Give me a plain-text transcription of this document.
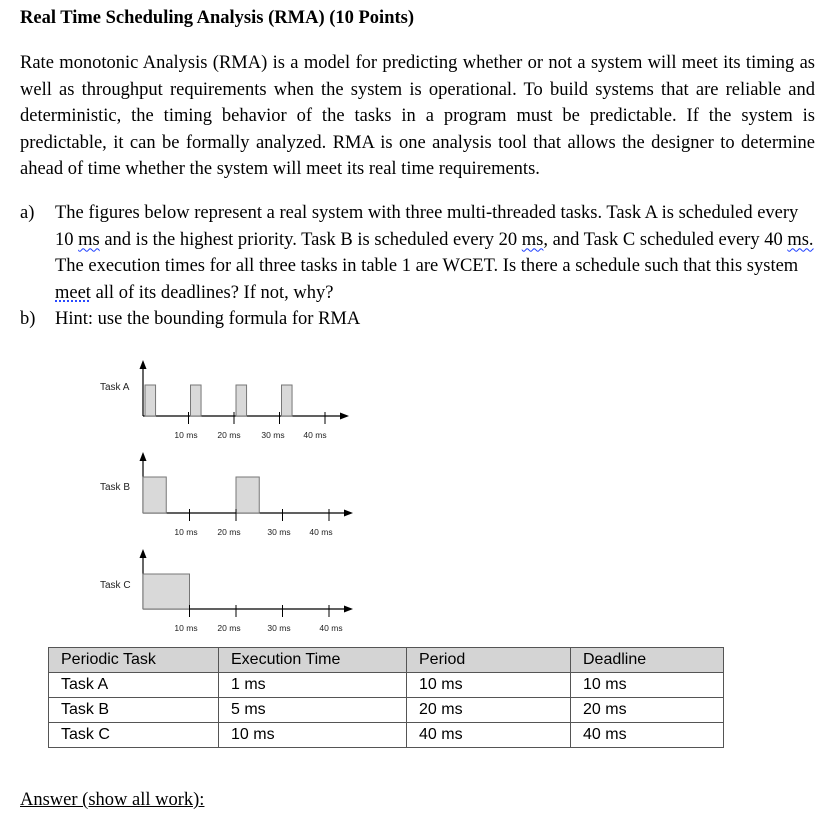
Real Time Scheduling Analysis (RMA) (10 Points)

Rate monotonic Analysis (RMA) is a model for predicting whether or not a system will meet its timing as well as throughput requirements when the system is operational. To build systems that are reliable and deterministic, the timing behavior of the tasks in a program must be predictable. If the system is predictable, it can be formally analyzed. RMA is one analysis tool that allows the designer to determine ahead of time whether the system will meet its real time requirements.

a)	The figures below represent a real system with three multi-threaded tasks. Task A is scheduled every 10 ms and is the highest priority. Task B is scheduled every 20 ms, and Task C scheduled every 40 ms. The execution times for all three tasks in table 1 are WCET. Is there a schedule such that this system meet all of its deadlines? If not, why?
b)	Hint: use the bounding formula for RMA
Task A
10 ms 20 ms 30 ms 40 ms
Task B
10 ms 20 ms	30 ms 40 ms
Task C
10 ms 20 ms	30 ms	40 ms
Periodic Task	Execution Time	Period	Deadline
Task A	1 ms	10 ms	10 ms
Task B	5 ms	20 ms	20 ms
Task C	10 ms	40 ms	40 ms
Answer (show all work):
